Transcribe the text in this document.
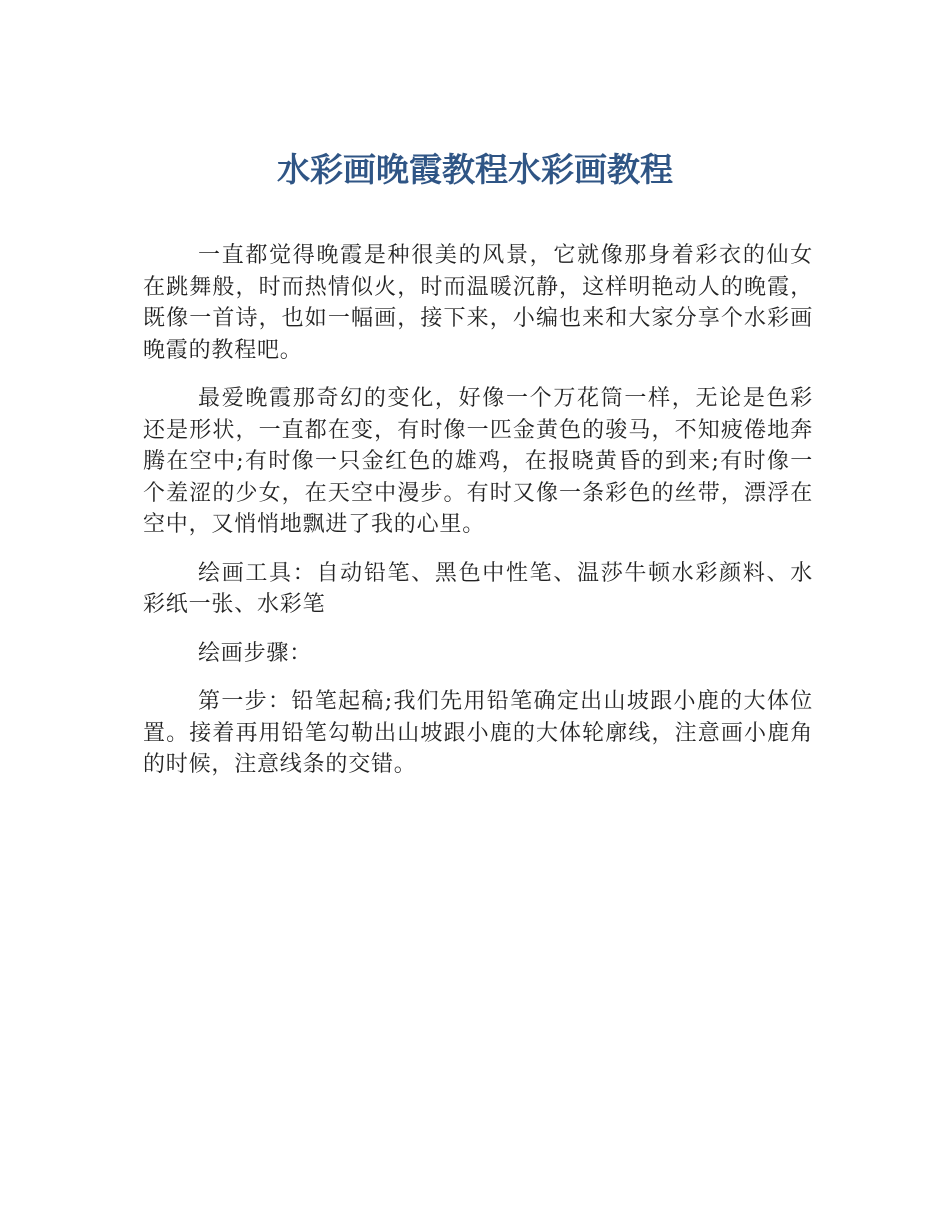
水彩画晚霞教程水彩画教程

一直都觉得晚霞是种很美的风景，它就像那身着彩衣的仙女在跳舞般，时而热情似火，时而温暖沉静，这样明艳动人的晚霞，既像一首诗，也如一幅画，接下来，小编也来和大家分享个水彩画晚霞的教程吧。

最爱晚霞那奇幻的变化，好像一个万花筒一样，无论是色彩还是形状，一直都在变，有时像一匹金黄色的骏马，不知疲倦地奔腾在空中;有时像一只金红色的雄鸡，在报晓黄昏的到来;有时像一个羞涩的少女，在天空中漫步。有时又像一条彩色的丝带，漂浮在空中，又悄悄地飘进了我的心里。

绘画工具：自动铅笔、黑色中性笔、温莎牛顿水彩颜料、水彩纸一张、水彩笔

绘画步骤：

第一步：铅笔起稿;我们先用铅笔确定出山坡跟小鹿的大体位置。接着再用铅笔勾勒出山坡跟小鹿的大体轮廓线，注意画小鹿角的时候，注意线条的交错。
